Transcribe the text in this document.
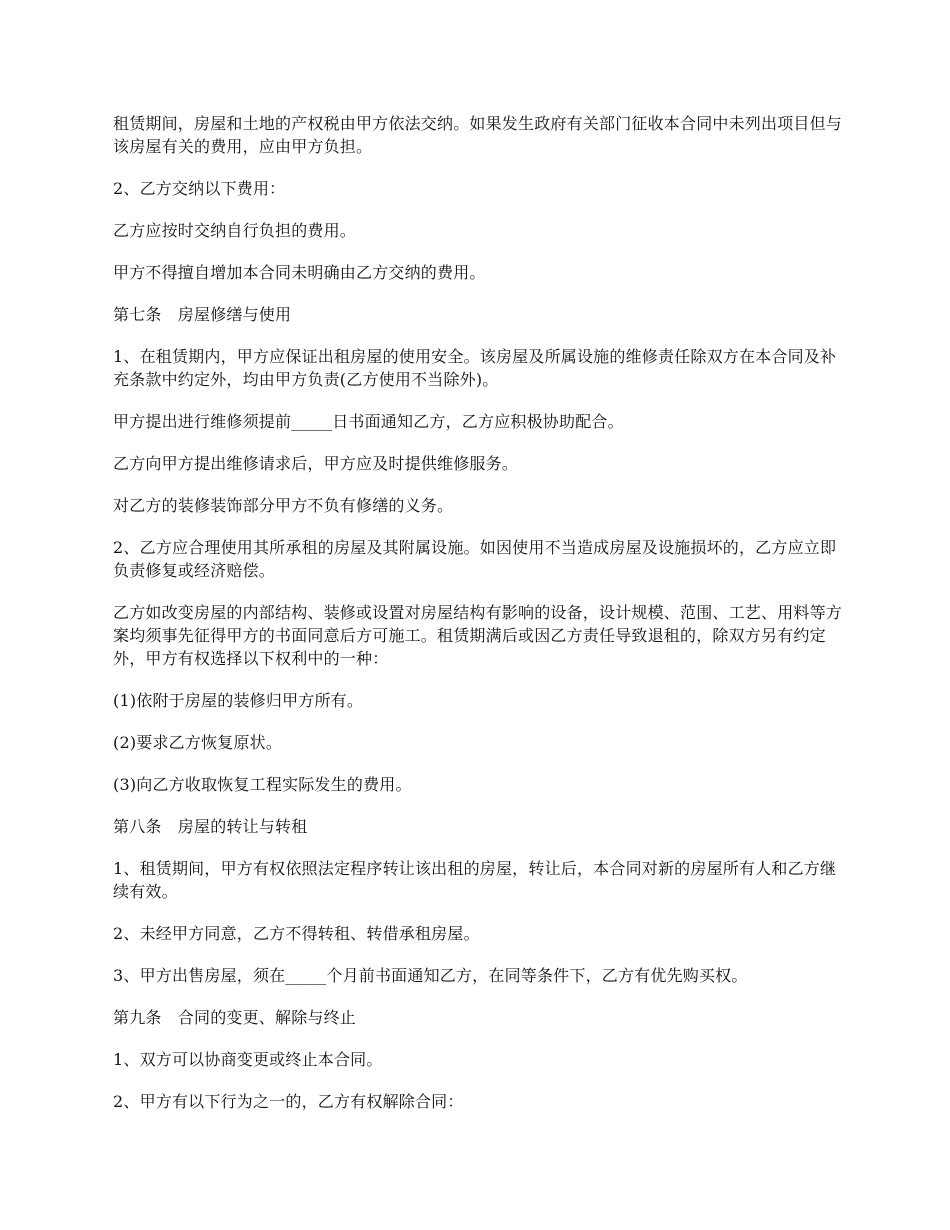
租赁期间，房屋和土地的产权税由甲方依法交纳。如果发生政府有关部门征收本合同中未列出项目但与该房屋有关的费用，应由甲方负担。

2、乙方交纳以下费用：

乙方应按时交纳自行负担的费用。

甲方不得擅自增加本合同未明确由乙方交纳的费用。

第七条　房屋修缮与使用

1、在租赁期内，甲方应保证出租房屋的使用安全。该房屋及所属设施的维修责任除双方在本合同及补充条款中约定外，均由甲方负责(乙方使用不当除外)。

甲方提出进行维修须提前_____日书面通知乙方，乙方应积极协助配合。

乙方向甲方提出维修请求后，甲方应及时提供维修服务。

对乙方的装修装饰部分甲方不负有修缮的义务。

2、乙方应合理使用其所承租的房屋及其附属设施。如因使用不当造成房屋及设施损坏的，乙方应立即负责修复或经济赔偿。

乙方如改变房屋的内部结构、装修或设置对房屋结构有影响的设备，设计规模、范围、工艺、用料等方案均须事先征得甲方的书面同意后方可施工。租赁期满后或因乙方责任导致退租的，除双方另有约定外，甲方有权选择以下权利中的一种：

(1)依附于房屋的装修归甲方所有。

(2)要求乙方恢复原状。

(3)向乙方收取恢复工程实际发生的费用。

第八条　房屋的转让与转租

1、租赁期间，甲方有权依照法定程序转让该出租的房屋，转让后，本合同对新的房屋所有人和乙方继续有效。

2、未经甲方同意，乙方不得转租、转借承租房屋。

3、甲方出售房屋，须在_____个月前书面通知乙方，在同等条件下，乙方有优先购买权。

第九条　合同的变更、解除与终止

1、双方可以协商变更或终止本合同。

2、甲方有以下行为之一的，乙方有权解除合同：
